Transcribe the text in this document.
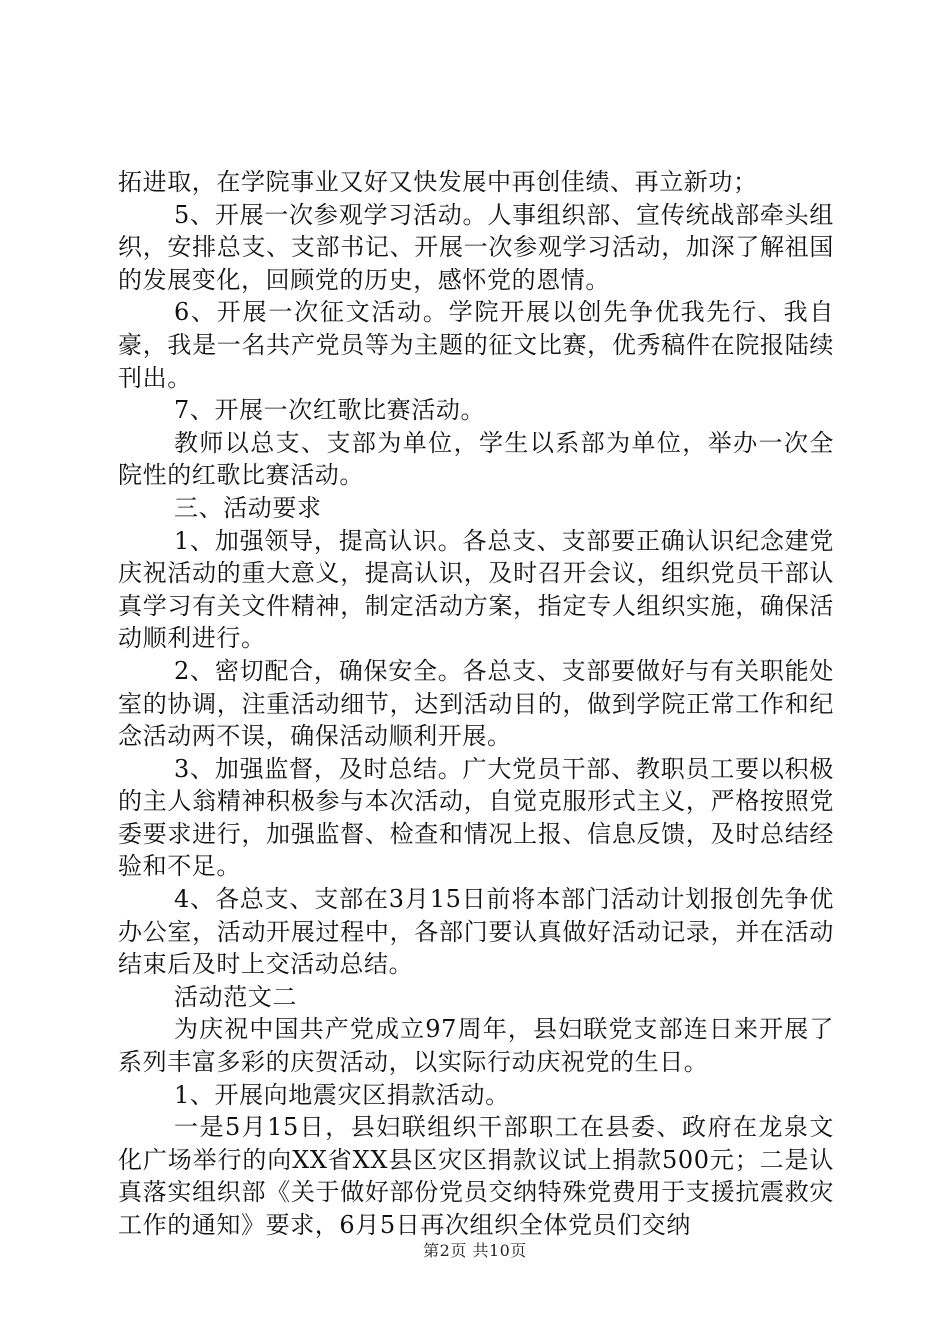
拓进取，在学院事业又好又快发展中再创佳绩、再立新功；

5、开展一次参观学习活动。人事组织部、宣传统战部牵头组织，安排总支、支部书记、开展一次参观学习活动，加深了解祖国的发展变化，回顾党的历史，感怀党的恩情。

6、开展一次征文活动。学院开展以创先争优我先行、我自豪，我是一名共产党员等为主题的征文比赛，优秀稿件在院报陆续刊出。

7、开展一次红歌比赛活动。

教师以总支、支部为单位，学生以系部为单位，举办一次全院性的红歌比赛活动。

三、活动要求

1、加强领导，提高认识。各总支、支部要正确认识纪念建党庆祝活动的重大意义，提高认识，及时召开会议，组织党员干部认真学习有关文件精神，制定活动方案，指定专人组织实施，确保活动顺利进行。

2、密切配合，确保安全。各总支、支部要做好与有关职能处室的协调，注重活动细节，达到活动目的，做到学院正常工作和纪念活动两不误，确保活动顺利开展。

3、加强监督，及时总结。广大党员干部、教职员工要以积极的主人翁精神积极参与本次活动，自觉克服形式主义，严格按照党委要求进行，加强监督、检查和情况上报、信息反馈，及时总结经验和不足。

4、各总支、支部在3月15日前将本部门活动计划报创先争优办公室，活动开展过程中，各部门要认真做好活动记录，并在活动结束后及时上交活动总结。

活动范文二

为庆祝中国共产党成立97周年，县妇联党支部连日来开展了系列丰富多彩的庆贺活动，以实际行动庆祝党的生日。

1、开展向地震灾区捐款活动。

一是5月15日，县妇联组织干部职工在县委、政府在龙泉文化广场举行的向XX省XX县区灾区捐款议试上捐款500元；二是认真落实组织部《关于做好部份党员交纳特殊党费用于支援抗震救灾工作的通知》要求，6月5日再次组织全体党员们交纳

第2页 共10页
